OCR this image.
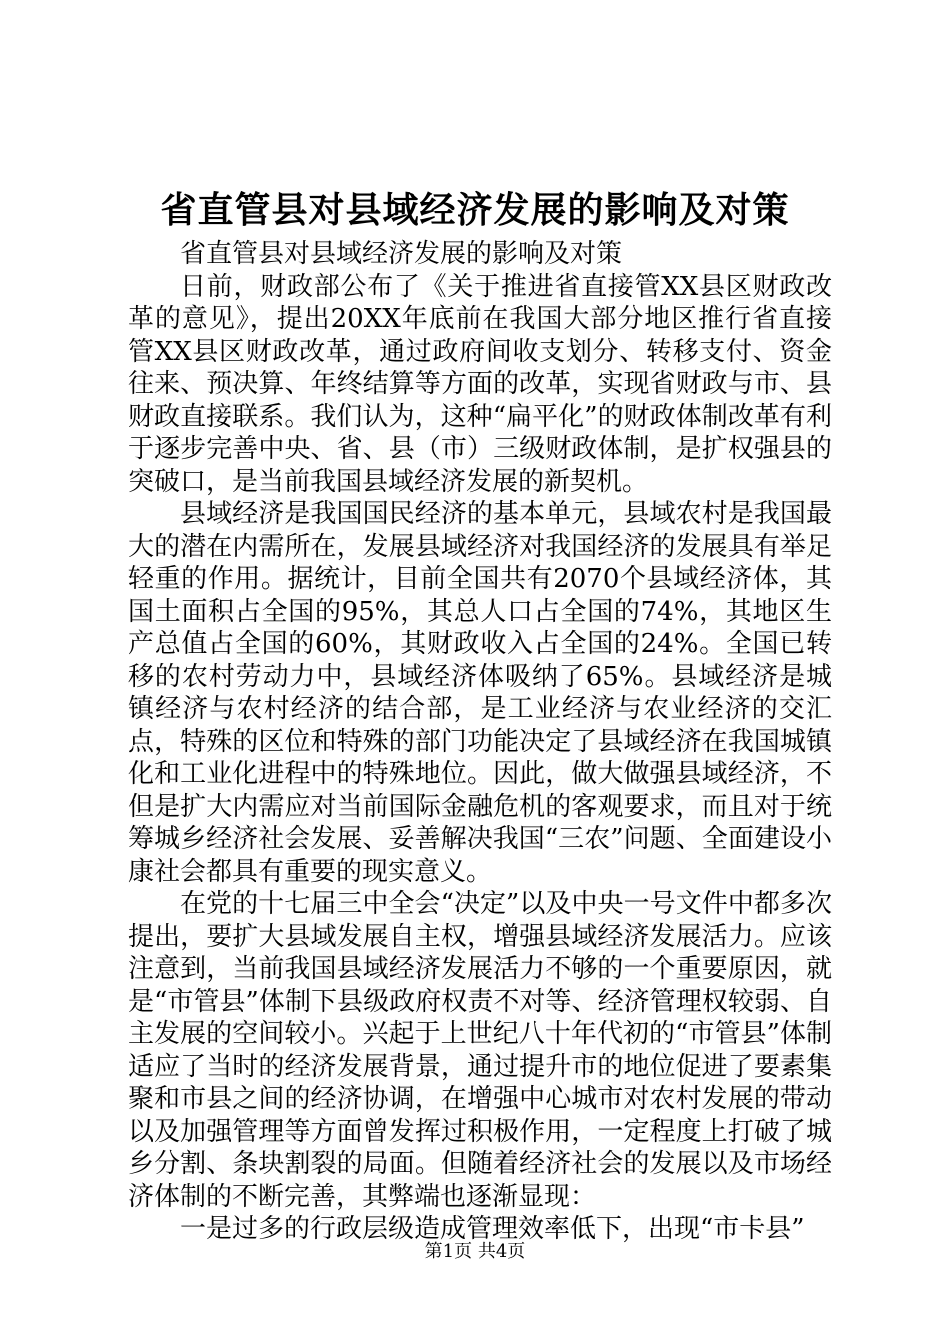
省直管县对县域经济发展的影响及对策

省直管县对县域经济发展的影响及对策

日前，财政部公布了《关于推进省直接管XX县区财政改革的意见》，提出20XX年底前在我国大部分地区推行省直接管XX县区财政改革，通过政府间收支划分、转移支付、资金往来、预决算、年终结算等方面的改革，实现省财政与市、县财政直接联系。我们认为，这种“扁平化”的财政体制改革有利于逐步完善中央、省、县（市）三级财政体制，是扩权强县的突破口，是当前我国县域经济发展的新契机。

县域经济是我国国民经济的基本单元，县域农村是我国最大的潜在内需所在，发展县域经济对我国经济的发展具有举足轻重的作用。据统计，目前全国共有2070个县域经济体，其国土面积占全国的95%，其总人口占全国的74%，其地区生产总值占全国的60%，其财政收入占全国的24%。全国已转移的农村劳动力中，县域经济体吸纳了65%。县域经济是城镇经济与农村经济的结合部，是工业经济与农业经济的交汇点，特殊的区位和特殊的部门功能决定了县域经济在我国城镇化和工业化进程中的特殊地位。因此，做大做强县域经济，不但是扩大内需应对当前国际金融危机的客观要求，而且对于统筹城乡经济社会发展、妥善解决我国“三农”问题、全面建设小康社会都具有重要的现实意义。

在党的十七届三中全会“决定”以及中央一号文件中都多次提出，要扩大县域发展自主权，增强县域经济发展活力。应该注意到，当前我国县域经济发展活力不够的一个重要原因，就是“市管县”体制下县级政府权责不对等、经济管理权较弱、自主发展的空间较小。兴起于上世纪八十年代初的“市管县”体制适应了当时的经济发展背景，通过提升市的地位促进了要素集聚和市县之间的经济协调，在增强中心城市对农村发展的带动以及加强管理等方面曾发挥过积极作用，一定程度上打破了城乡分割、条块割裂的局面。但随着经济社会的发展以及市场经济体制的不断完善，其弊端也逐渐显现：

一是过多的行政层级造成管理效率低下，出现“市卡县”

第1页 共4页
